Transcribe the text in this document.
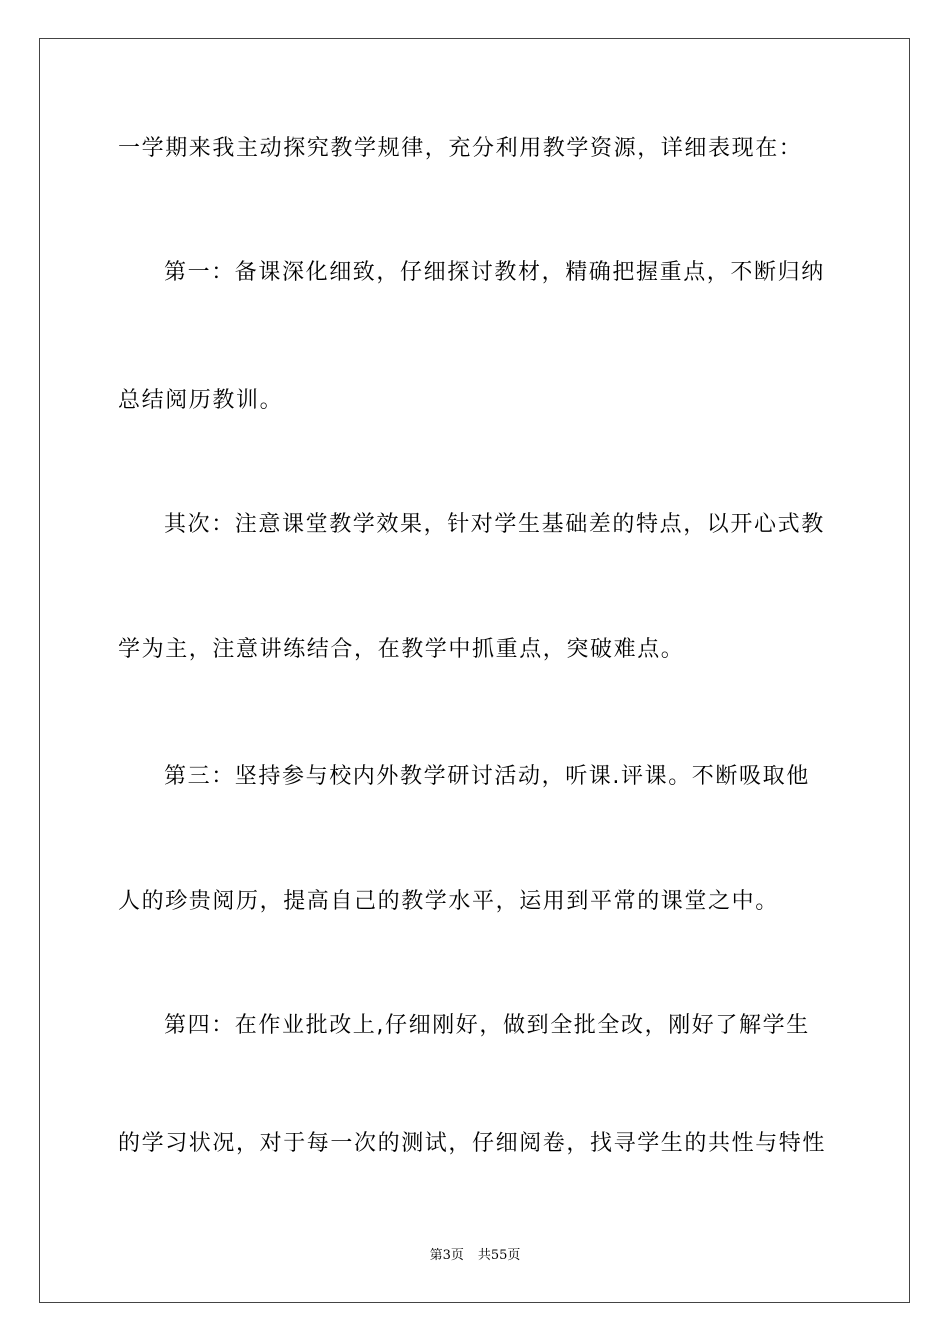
一学期来我主动探究教学规律，充分利用教学资源，详细表现在：
第一：备课深化细致，仔细探讨教材，精确把握重点，不断归纳
总结阅历教训。
其次：注意课堂教学效果，针对学生基础差的特点，以开心式教
学为主，注意讲练结合，在教学中抓重点，突破难点。
第三：坚持参与校内外教学研讨活动，听课.评课。不断吸取他
人的珍贵阅历，提高自己的教学水平，运用到平常的课堂之中。
第四：在作业批改上,仔细刚好，做到全批全改，刚好了解学生
的学习状况，对于每一次的测试，仔细阅卷，找寻学生的共性与特性
第3页 共55页
